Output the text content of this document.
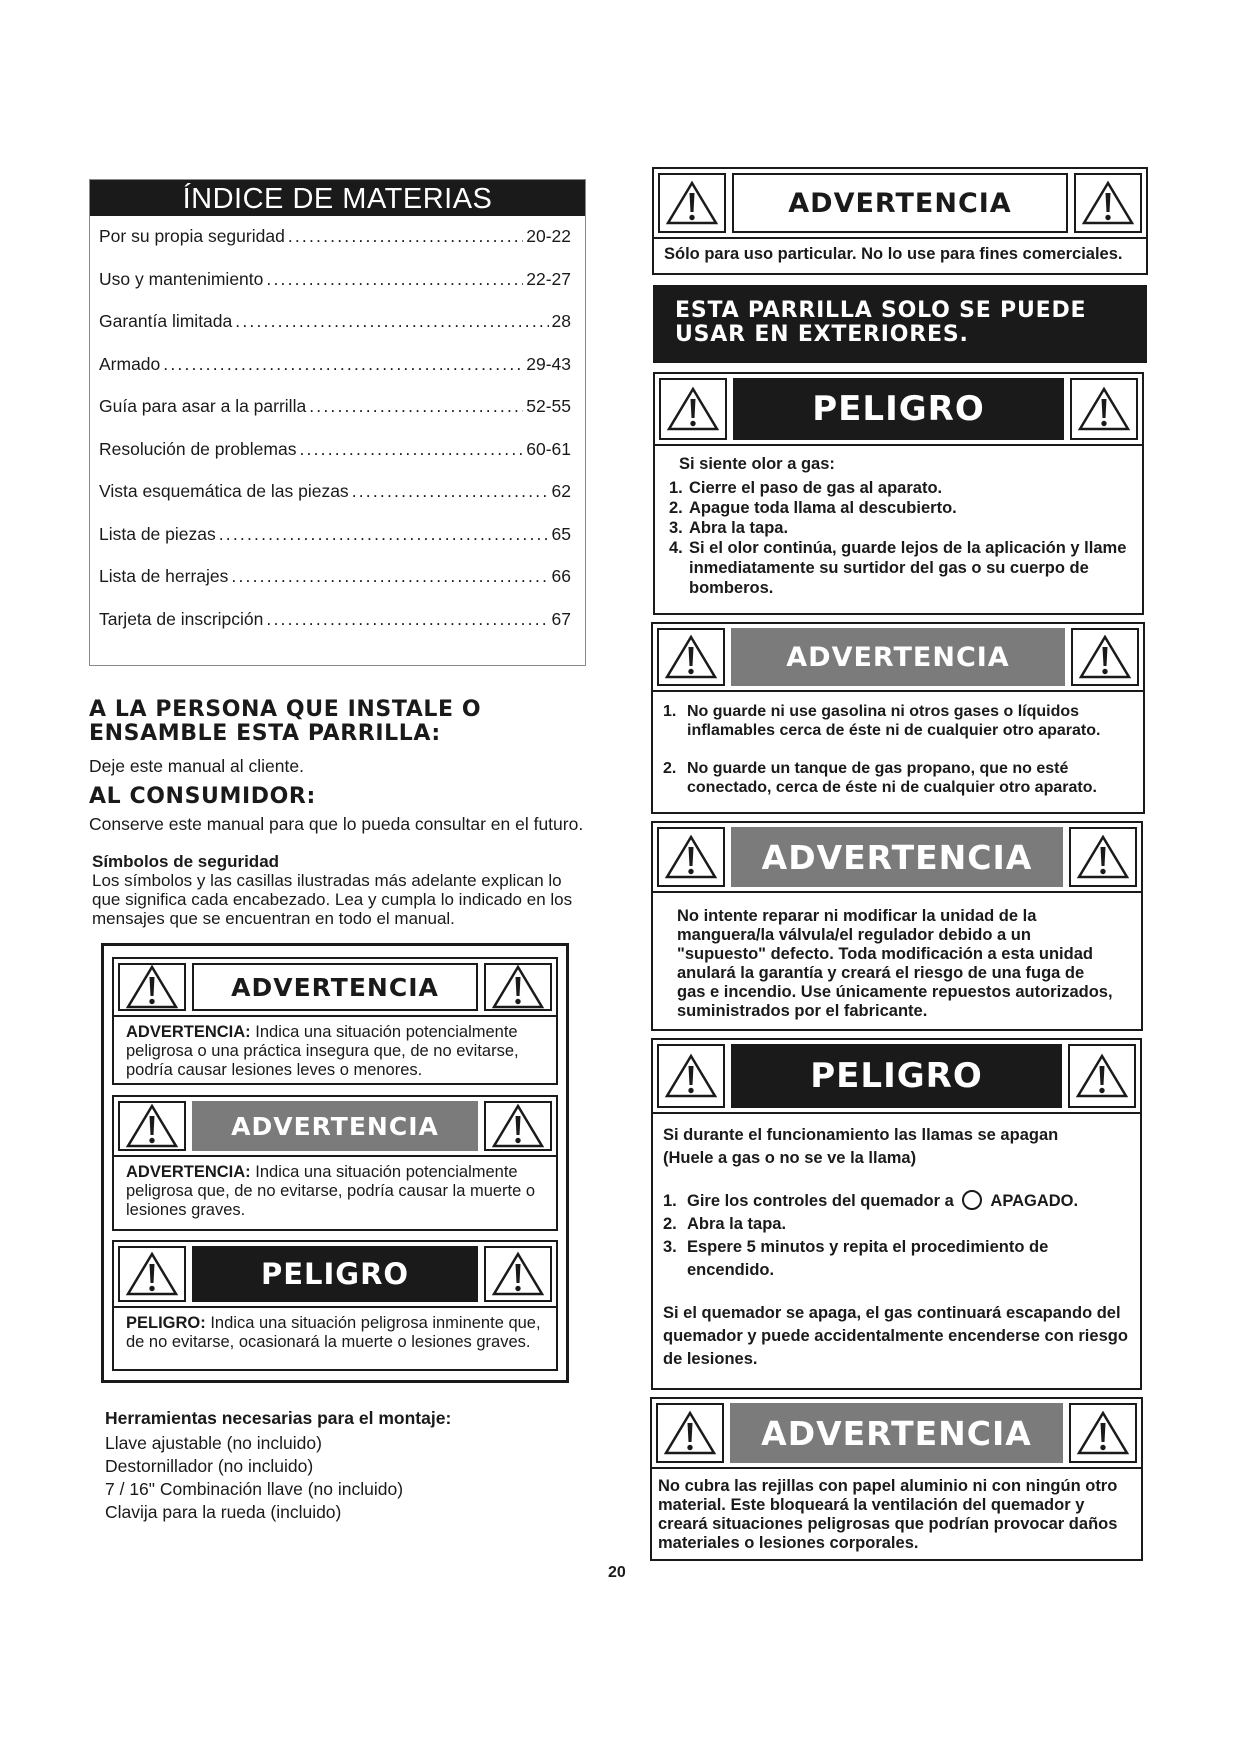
ÍNDICE DE MATERIAS
Por su propia seguridad .....	20-22
Uso y mantenimiento .....	22-27
Garantía limitada .....	28
Armado .....	29-43
Guía para asar a la parrilla .....	52-55
Resolución de problemas .....	60-61
Vista esquemática de las piezas .....	62
Lista de piezas .....	65
Lista de herrajes .....	66
Tarjeta de inscripción .....	67
A LA PERSONA QUE INSTALE O
ENSAMBLE ESTA PARRILLA:
Deje este manual al cliente.
AL CONSUMIDOR:
Conserve este manual para que lo pueda consultar en el futuro.
Símbolos de seguridad
Los símbolos y las casillas ilustradas más adelante explican lo
que significa cada encabezado. Lea y cumpla lo indicado en los
mensajes que se encuentran en todo el manual.
ADVERTENCIA
ADVERTENCIA: Indica una situación potencialmente peligrosa o una práctica insegura que, de no evitarse, podría causar lesiones leves o menores.
ADVERTENCIA
ADVERTENCIA: Indica una situación potencialmente peligrosa que, de no evitarse, podría causar la muerte o lesiones graves.
PELIGRO
PELIGRO: Indica una situación peligrosa inminente que, de no evitarse, ocasionará la muerte o lesiones graves.
Herramientas necesarias para el montaje:
Llave ajustable (no incluido)
Destornillador (no incluido)
7 / 16" Combinación llave (no incluido)
Clavija para la rueda (incluido)
20
ADVERTENCIA
Sólo para uso particular. No lo use para fines comerciales.
ESTA PARRILLA SOLO SE PUEDE
USAR EN EXTERIORES.
PELIGRO
Si siente olor a gas:
1. Cierre el paso de gas al aparato.
2. Apague toda llama al descubierto.
3. Abra la tapa.
4. Si el olor continúa, guarde lejos de la aplicación y llame inmediatamente su surtidor del gas o su cuerpo de bomberos.
ADVERTENCIA
1. No guarde ni use gasolina ni otros gases o líquidos inflamables cerca de éste ni de cualquier otro aparato.
2. No guarde un tanque de gas propano, que no esté conectado, cerca de éste ni de cualquier otro aparato.
ADVERTENCIA
No intente reparar ni modificar la unidad de la manguera/la válvula/el regulador debido a un "supuesto" defecto. Toda modificación a esta unidad anulará la garantía y creará el riesgo de una fuga de gas e incendio. Use únicamente repuestos autorizados, suministrados por el fabricante.
PELIGRO
Si durante el funcionamiento las llamas se apagan
(Huele a gas o no se ve la llama)
1. Gire los controles del quemador a APAGADO.
2. Abra la tapa.
3. Espere 5 minutos y repita el procedimiento de encendido.
Si el quemador se apaga, el gas continuará escapando del quemador y puede accidentalmente encenderse con riesgo de lesiones.
ADVERTENCIA
No cubra las rejillas con papel aluminio ni con ningún otro material. Este bloqueará la ventilación del quemador y creará situaciones peligrosas que podrían provocar daños materiales o lesiones corporales.
